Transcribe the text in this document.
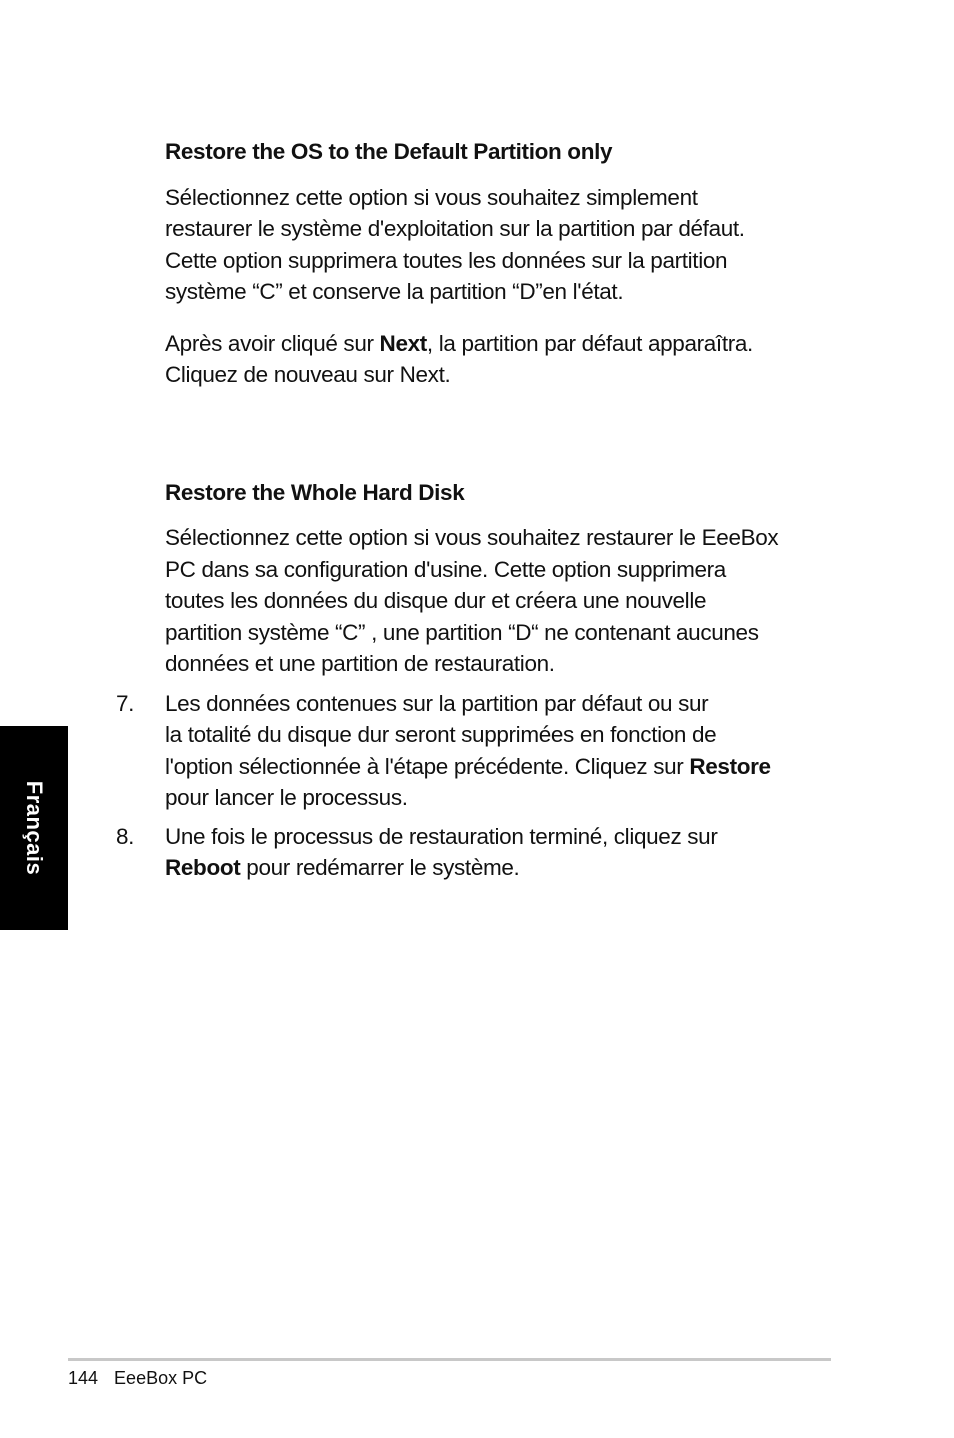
Français
Restore the OS to the Default Partition only

Sélectionnez cette option si vous souhaitez simplement

restaurer le système d'exploitation sur la partition par défaut.

Cette option supprimera toutes les données sur la partition

système “C” et conserve la partition “D”en l'état.

Après avoir cliqué sur Next, la partition par défaut apparaîtra.

Cliquez de nouveau sur Next.

Restore the Whole Hard Disk

Sélectionnez cette option si vous souhaitez restaurer le EeeBox

PC dans sa configuration d'usine. Cette option supprimera

toutes les données du disque dur et créera une nouvelle

partition système “C” , une partition “D“ ne contenant aucunes

données et une partition de restauration.

7. Les données contenues sur la partition par défaut ou sur

la totalité du disque dur seront supprimées en fonction de

l'option sélectionnée à l'étape précédente. Cliquez sur Restore

pour lancer le processus.

8. Une fois le processus de restauration terminé, cliquez sur

Reboot pour redémarrer le système.

144 EeeBox PC
